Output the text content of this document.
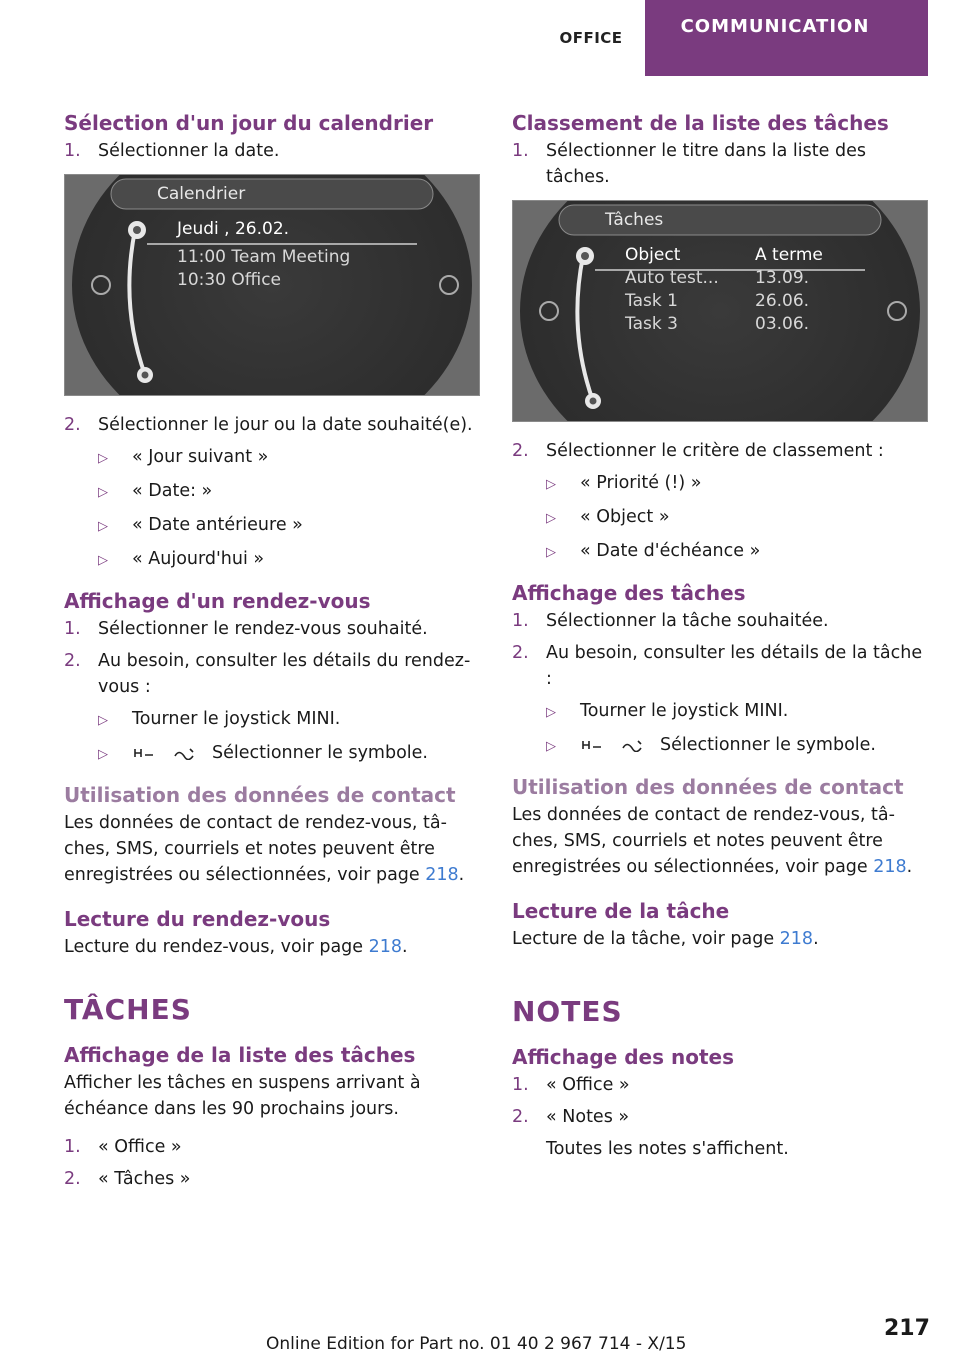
OFFICE
COMMUNICATION
Sélection d'un jour du calendrier
1. Sélectionner la date.
Calendrier
Jeudi , 26.02.
11:00 Team Meeting
10:30 Office
2. Sélectionner le jour ou la date souhaité(e).
▷	« Jour suivant »
▷	« Date: »
▷	« Date antérieure »
▷	« Aujourd'hui »
Affichage d'un rendez-vous
1. Sélectionner le rendez-vous souhaité.
2. Au besoin, consulter les détails du rendez-vous :
▷	Tourner le joystick MINI.
▷	Sélectionner le symbole.
Utilisation des données de contact

Les données de contact de rendez-vous, tâches, SMS, courriels et notes peuvent être enregistrées ou sélectionnées, voir page 218.

Lecture du rendez-vous

Lecture du rendez-vous, voir page 218.

TÂCHES
Affichage de la liste des tâches

Afficher les tâches en suspens arrivant à échéance dans les 90 prochains jours.

1. « Office »
2. « Tâches »
Classement de la liste des tâches
1. Sélectionner le titre dans la liste des tâches.
Tâches
Object	A terme
Auto test... 13.09.
Task 1	26.06.
Task 3	03.06.
2. Sélectionner le critère de classement :
▷	« Priorité (!) »
▷	« Object »
▷	« Date d'échéance »
Affichage des tâches
1. Sélectionner la tâche souhaitée.
2. Au besoin, consulter les détails de la tâche :
▷	Tourner le joystick MINI.
▷	Sélectionner le symbole.
Utilisation des données de contact

Les données de contact de rendez-vous, tâches, SMS, courriels et notes peuvent être enregistrées ou sélectionnées, voir page 218.

Lecture de la tâche

Lecture de la tâche, voir page 218.

NOTES
Affichage des notes
1. « Office »
2. « Notes »
Toutes les notes s'affichent.
217
Online Edition for Part no. 01 40 2 967 714 - X/15
